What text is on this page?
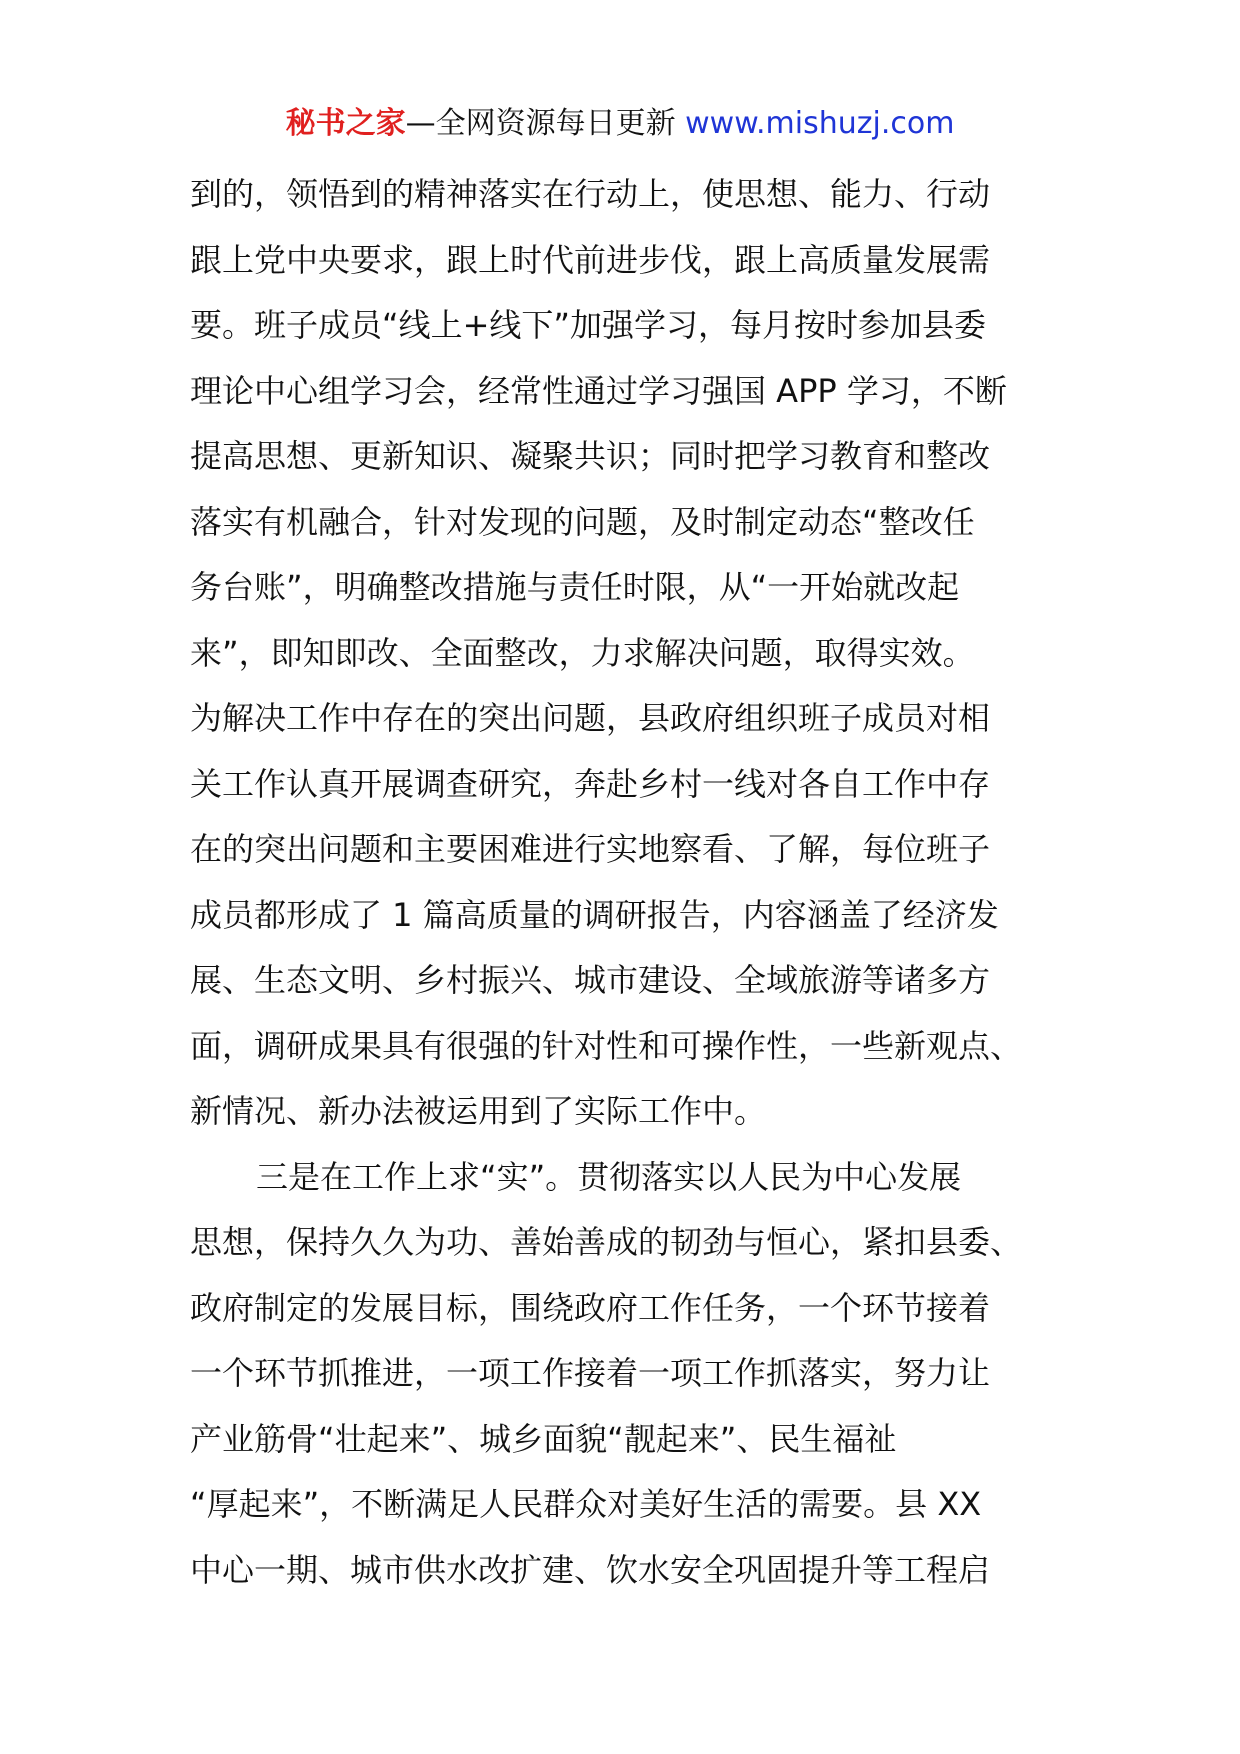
秘书之家—全网资源每日更新 www.mishuzj.com
到的，领悟到的精神落实在行动上，使思想、能力、行动
跟上党中央要求，跟上时代前进步伐，跟上高质量发展需
要。班子成员“线上+线下”加强学习，每月按时参加县委
理论中心组学习会，经常性通过学习强国 APP 学习，不断
提高思想、更新知识、凝聚共识；同时把学习教育和整改
落实有机融合，针对发现的问题，及时制定动态“整改任
务台账”，明确整改措施与责任时限，从“一开始就改起
来”，即知即改、全面整改，力求解决问题，取得实效。
为解决工作中存在的突出问题，县政府组织班子成员对相
关工作认真开展调查研究，奔赴乡村一线对各自工作中存
在的突出问题和主要困难进行实地察看、了解，每位班子
成员都形成了 1 篇高质量的调研报告，内容涵盖了经济发
展、生态文明、乡村振兴、城市建设、全域旅游等诸多方
面，调研成果具有很强的针对性和可操作性，一些新观点、
新情况、新办法被运用到了实际工作中。
三是在工作上求“实”。贯彻落实以人民为中心发展
思想，保持久久为功、善始善成的韧劲与恒心，紧扣县委、
政府制定的发展目标，围绕政府工作任务，一个环节接着
一个环节抓推进，一项工作接着一项工作抓落实，努力让
产业筋骨“壮起来”、城乡面貌“靓起来”、民生福祉
“厚起来”，不断满足人民群众对美好生活的需要。县 XX
中心一期、城市供水改扩建、饮水安全巩固提升等工程启
